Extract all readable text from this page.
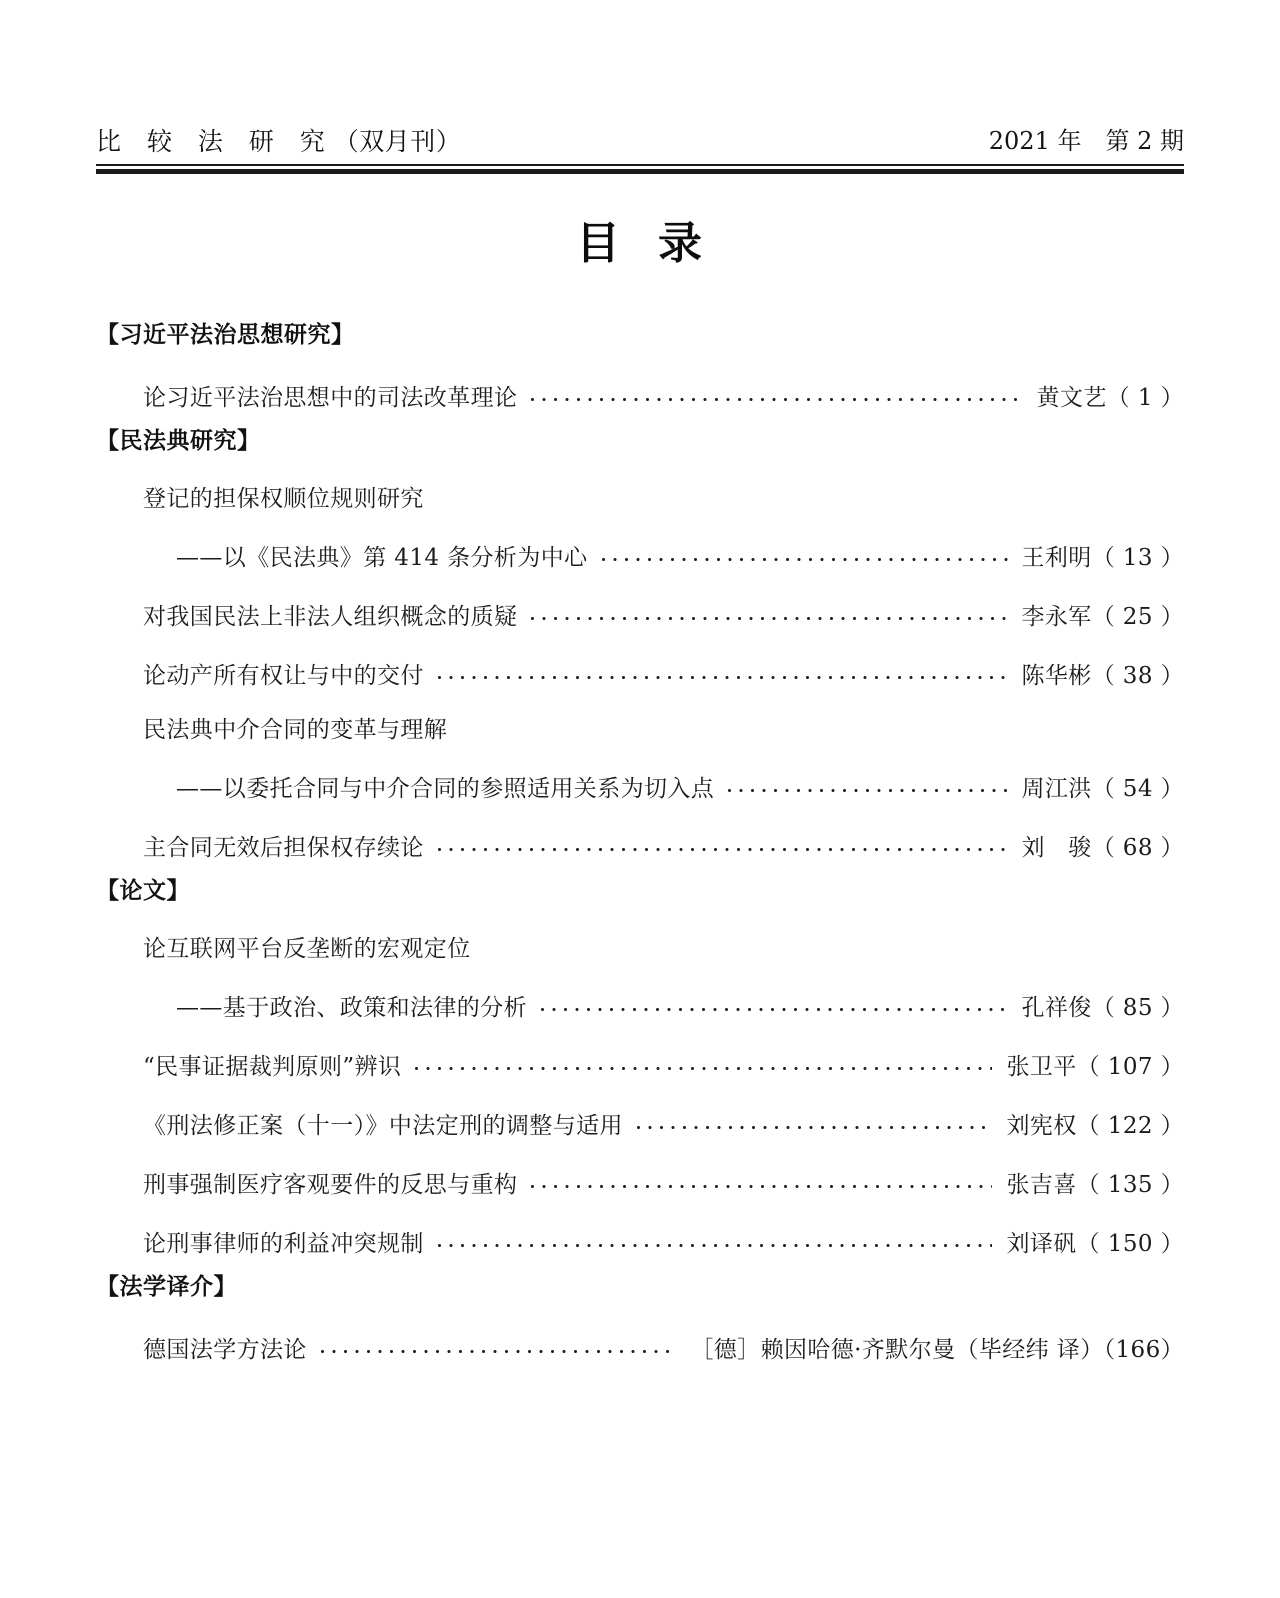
比 较 法 研 究（双月刊）	2021 年　第 2 期
目 录
【习近平法治思想研究】
论习近平法治思想中的司法改革理论	黄文艺（ 1 ）
【民法典研究】
登记的担保权顺位规则研究
——以《民法典》第 414 条分析为中心	王利明（ 13 ）
对我国民法上非法人组织概念的质疑	李永军（ 25 ）
论动产所有权让与中的交付	陈华彬（ 38 ）
民法典中介合同的变革与理解
——以委托合同与中介合同的参照适用关系为切入点	周江洪（ 54 ）
主合同无效后担保权存续论	刘　骏（ 68 ）
【论文】
论互联网平台反垄断的宏观定位
——基于政治、政策和法律的分析	孔祥俊（ 85 ）
“民事证据裁判原则”辨识	张卫平（ 107 ）
《刑法修正案（十一）》中法定刑的调整与适用	刘宪权（ 122 ）
刑事强制医疗客观要件的反思与重构	张吉喜（ 135 ）
论刑事律师的利益冲突规制	刘译矾（ 150 ）
【法学译介】
德国法学方法论	［德］赖因哈德·齐默尔曼（毕经纬 译）（166）
